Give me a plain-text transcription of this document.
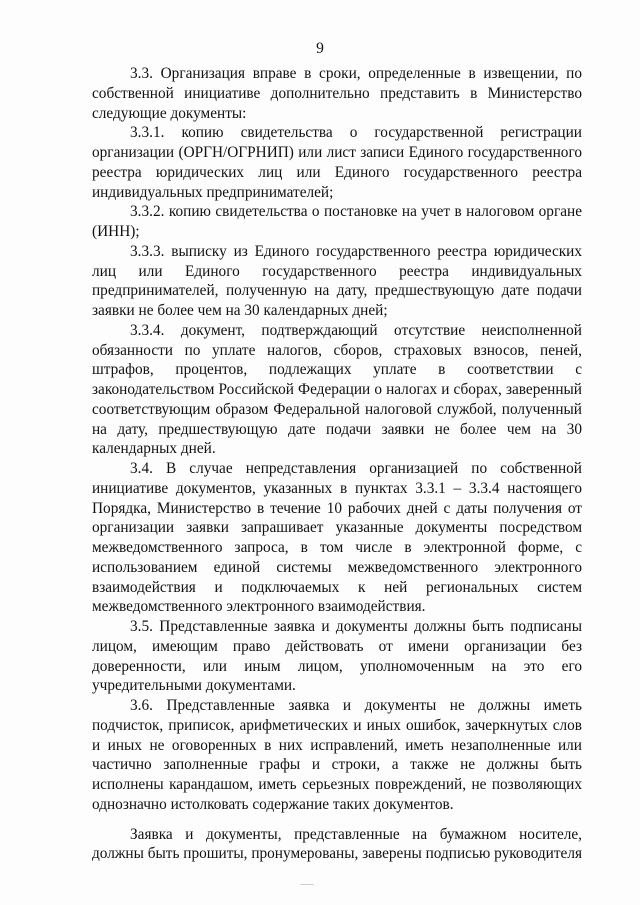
9

3.3. Организация вправе в сроки, определенные в извещении, по собственной инициативе дополнительно представить в Министерство следующие документы:

3.3.1. копию свидетельства о государственной регистрации организации (ОРГН/ОГРНИП) или лист записи Единого государственного реестра юридических лиц или Единого государственного реестра индивидуальных предпринимателей;

3.3.2. копию свидетельства о постановке на учет в налоговом органе (ИНН);

3.3.3. выписку из Единого государственного реестра юридических лиц или Единого государственного реестра индивидуальных предпринимателей, полученную на дату, предшествующую дате подачи заявки не более чем на 30 календарных дней;

3.3.4. документ, подтверждающий отсутствие неисполненной обязанности по уплате налогов, сборов, страховых взносов, пеней, штрафов, процентов, подлежащих уплате в соответствии с законодательством Российской Федерации о налогах и сборах, заверенный соответствующим образом Федеральной налоговой службой, полученный на дату, предшествующую дате подачи заявки не более чем на 30 календарных дней.

3.4. В случае непредставления организацией по собственной инициативе документов, указанных в пунктах 3.3.1 – 3.3.4 настоящего Порядка, Министерство в течение 10 рабочих дней с даты получения от организации заявки запрашивает указанные документы посредством межведомственного запроса, в том числе в электронной форме, с использованием единой системы межведомственного электронного взаимодействия и подключаемых к ней региональных систем межведомственного электронного взаимодействия.

3.5. Представленные заявка и документы должны быть подписаны лицом, имеющим право действовать от имени организации без доверенности, или иным лицом, уполномоченным на это его учредительными документами.

3.6. Представленные заявка и документы не должны иметь подчисток, приписок, арифметических и иных ошибок, зачеркнутых слов и иных не оговоренных в них исправлений, иметь незаполненные или частично заполненные графы и строки, а также не должны быть исполнены карандашом, иметь серьезных повреждений, не позволяющих однозначно истолковать содержание таких документов.

Заявка и документы, представленные на бумажном носителе, должны быть прошиты, пронумерованы, заверены подписью руководителя
